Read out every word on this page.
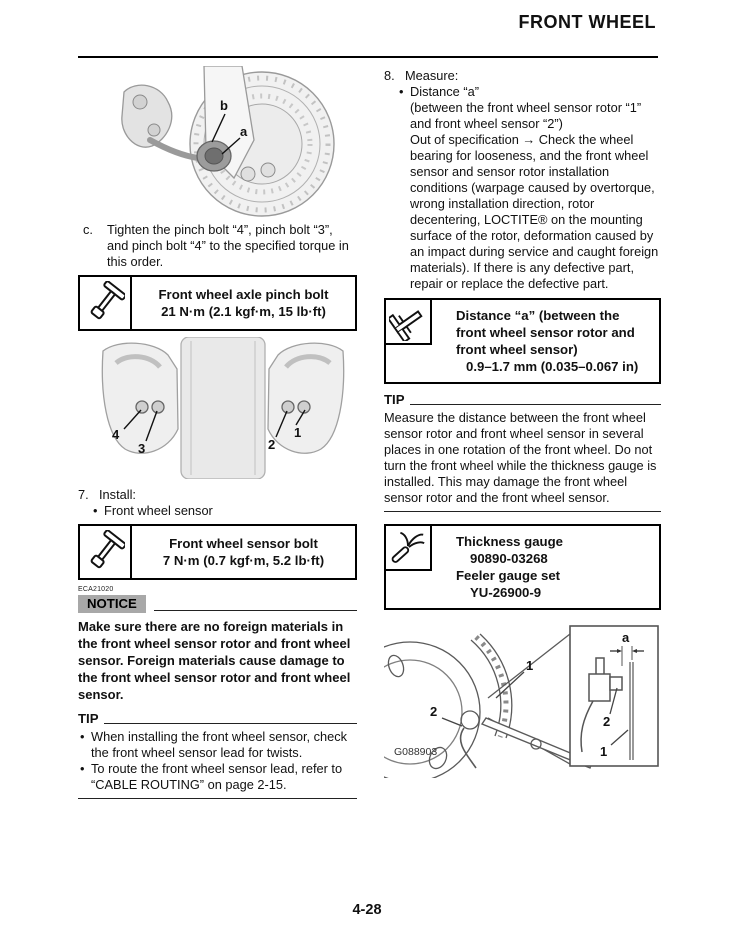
FRONT WHEEL
b
a
c.	Tighten the pinch bolt “4”, pinch bolt “3”, and pinch bolt “4” to the specified torque in this order.
Front wheel axle pinch bolt
21 N·m (2.1 kgf·m, 15 lb·ft)
4
3	2
1
7. Install:
• Front wheel sensor
Front wheel sensor bolt
7 N·m (0.7 kgf·m, 5.2 lb·ft)
ECA21020
NOTICE
Make sure there are no foreign materials in the front wheel sensor rotor and front wheel sensor. Foreign materials cause damage to the front wheel sensor rotor and front wheel sensor.
TIP
• When installing the front wheel sensor, check the front wheel sensor lead for twists.
• To route the front wheel sensor lead, refer to “CABLE ROUTING” on page 2-15.
8. Measure:
• Distance “a”
(between the front wheel sensor rotor “1” and front wheel sensor “2”)
Out of specification → Check the wheel bearing for looseness, and the front wheel sensor and sensor rotor installation conditions (warpage caused by overtorque, wrong installation direction, rotor decentering, LOCTITE® on the mounting surface of the rotor, deformation caused by an impact during service and caught foreign materials). If there is any defective part, repair or replace the defective part.
Distance “a” (between the front wheel sensor rotor and front wheel sensor)
0.9–1.7 mm (0.035–0.067 in)
TIP
Measure the distance between the front wheel sensor rotor and front wheel sensor in several places in one rotation of the front wheel. Do not turn the front wheel while the thickness gauge is installed. This may damage the front wheel sensor rotor and the front wheel sensor.
Thickness gauge
90890-03268
Feeler gauge set
YU-26900-9
1
2
a
2
1
G088903
4-28
